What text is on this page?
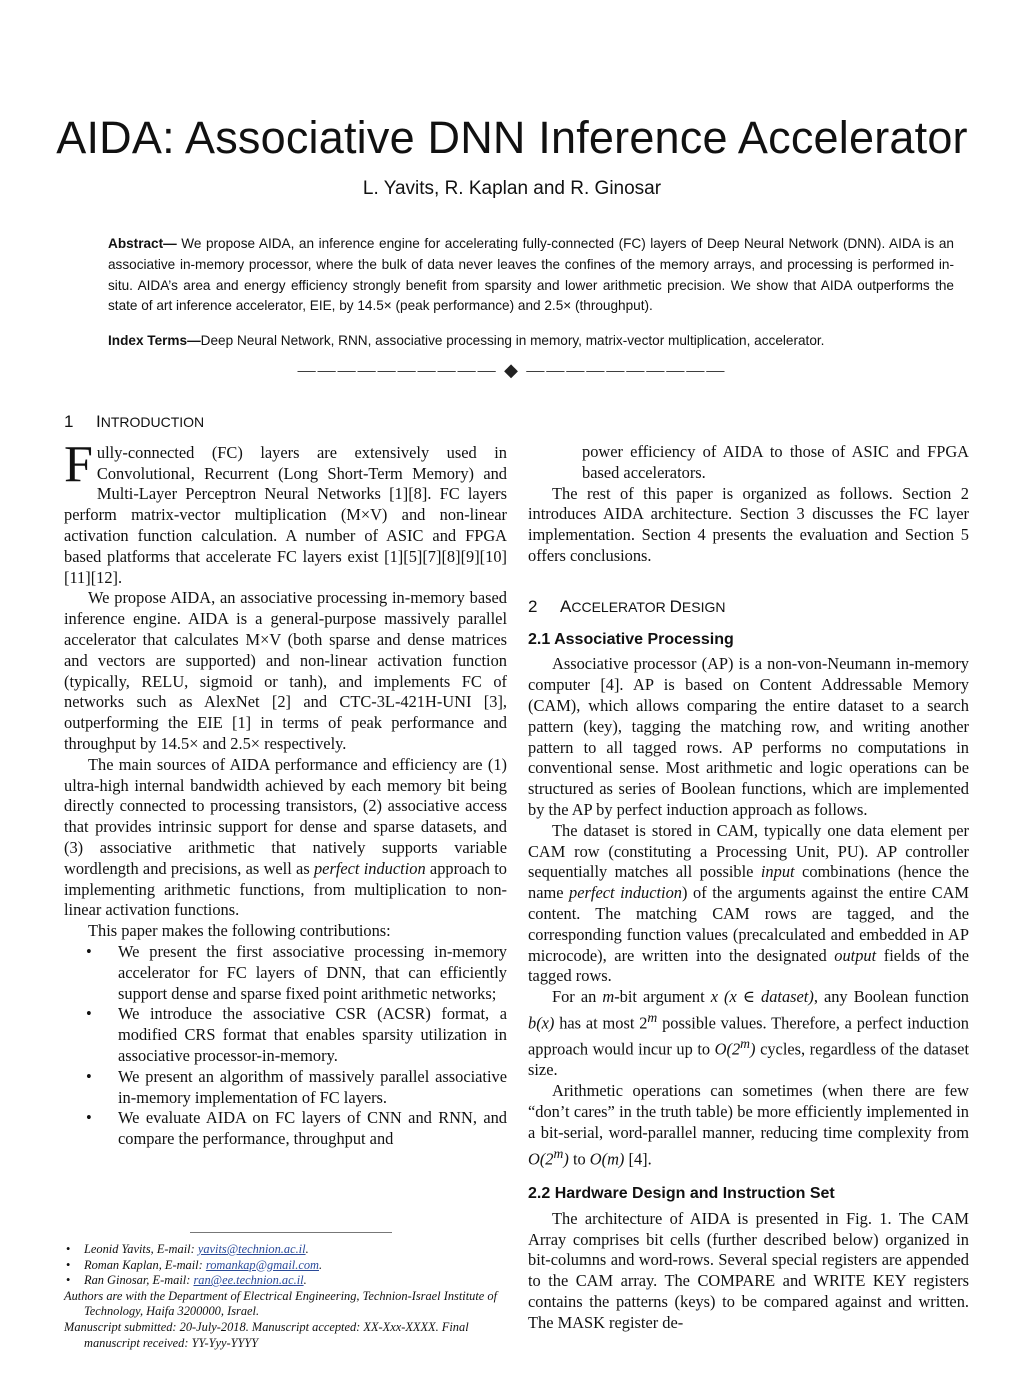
AIDA: Associative DNN Inference Accelerator
L. Yavits, R. Kaplan and R. Ginosar
Abstract— We propose AIDA, an inference engine for accelerating fully-connected (FC) layers of Deep Neural Network (DNN). AIDA is an associative in-memory processor, where the bulk of data never leaves the confines of the memory arrays, and processing is performed in-situ. AIDA’s area and energy efficiency strongly benefit from sparsity and lower arithmetic precision. We show that AIDA outperforms the state of art inference accelerator, EIE, by 14.5× (peak performance) and 2.5× (throughput).
Index Terms—Deep Neural Network, RNN, associative processing in memory, matrix-vector multiplication, accelerator.
—————————— ◆ ——————————
1 INTRODUCTION

Fully-connected (FC) layers are extensively used in Convolutional, Recurrent (Long Short-Term Memory) and Multi-Layer Perceptron Neural Networks [1][8]. FC layers perform matrix-vector multiplication (M×V) and non-linear activation function calculation. A number of ASIC and FPGA based platforms that accelerate FC layers exist [1][5][7][8][9][10][11][12].

We propose AIDA, an associative processing in-memory based inference engine. AIDA is a general-purpose massively parallel accelerator that calculates M×V (both sparse and dense matrices and vectors are supported) and non-linear activation function (typically, RELU, sigmoid or tanh), and implements FC of networks such as AlexNet [2] and CTC-3L-421H-UNI [3], outperforming the EIE [1] in terms of peak performance and throughput by 14.5× and 2.5× respectively.

The main sources of AIDA performance and efficiency are (1) ultra-high internal bandwidth achieved by each memory bit being directly connected to processing transistors, (2) associative access that provides intrinsic support for dense and sparse datasets, and (3) associative arithmetic that natively supports variable wordlength and precisions, as well as perfect induction approach to implementing arithmetic functions, from multiplication to non-linear activation functions.

This paper makes the following contributions:

• We present the first associative processing in-memory accelerator for FC layers of DNN, that can efficiently support dense and sparse fixed point arithmetic networks;
• We introduce the associative CSR (ACSR) format, a modified CRS format that enables sparsity utilization in associative processor-in-memory.
• We present an algorithm of massively parallel associative in-memory implementation of FC layers.
• We evaluate AIDA on FC layers of CNN and RNN, and compare the performance, throughput and
• Leonid Yavits, E-mail: yavits@technion.ac.il.
• Roman Kaplan, E-mail: romankap@gmail.com.
• Ran Ginosar, E-mail: ran@ee.technion.ac.il.
Authors are with the Department of Electrical Engineering, Technion-Israel Institute of Technology, Haifa 3200000, Israel.
Manuscript submitted: 20-July-2018. Manuscript accepted: XX-Xxx-XXXX. Final manuscript received: YY-Yyy-YYYY

power efficiency of AIDA to those of ASIC and FPGA based accelerators.

The rest of this paper is organized as follows. Section 2 introduces AIDA architecture. Section 3 discusses the FC layer implementation. Section 4 presents the evaluation and Section 5 offers conclusions.

2 ACCELERATOR DESIGN
2.1 Associative Processing

Associative processor (AP) is a non-von-Neumann in-memory computer [4]. AP is based on Content Addressable Memory (CAM), which allows comparing the entire dataset to a search pattern (key), tagging the matching row, and writing another pattern to all tagged rows. AP performs no computations in conventional sense. Most arithmetic and logic operations can be structured as series of Boolean functions, which are implemented by the AP by perfect induction approach as follows.

The dataset is stored in CAM, typically one data element per CAM row (constituting a Processing Unit, PU). AP controller sequentially matches all possible input combinations (hence the name perfect induction) of the arguments against the entire CAM content. The matching CAM rows are tagged, and the corresponding function values (precalculated and embedded in AP microcode), are written into the designated output fields of the tagged rows.

For an m-bit argument x (x ∈ dataset), any Boolean function b(x) has at most 2$^m$ possible values. Therefore, a perfect induction approach would incur up to O(2$^m$) cycles, regardless of the dataset size.

Arithmetic operations can sometimes (when there are few “don’t cares” in the truth table) be more efficiently implemented in a bit-serial, word-parallel manner, reducing time complexity from O(2$^m$) to O(m) [4].

2.2 Hardware Design and Instruction Set

The architecture of AIDA is presented in Fig. 1. The CAM Array comprises bit cells (further described below) organized in bit-columns and word-rows. Several special registers are appended to the CAM array. The COMPARE and WRITE KEY registers contains the patterns (keys) to be compared against and written. The MASK register de-
